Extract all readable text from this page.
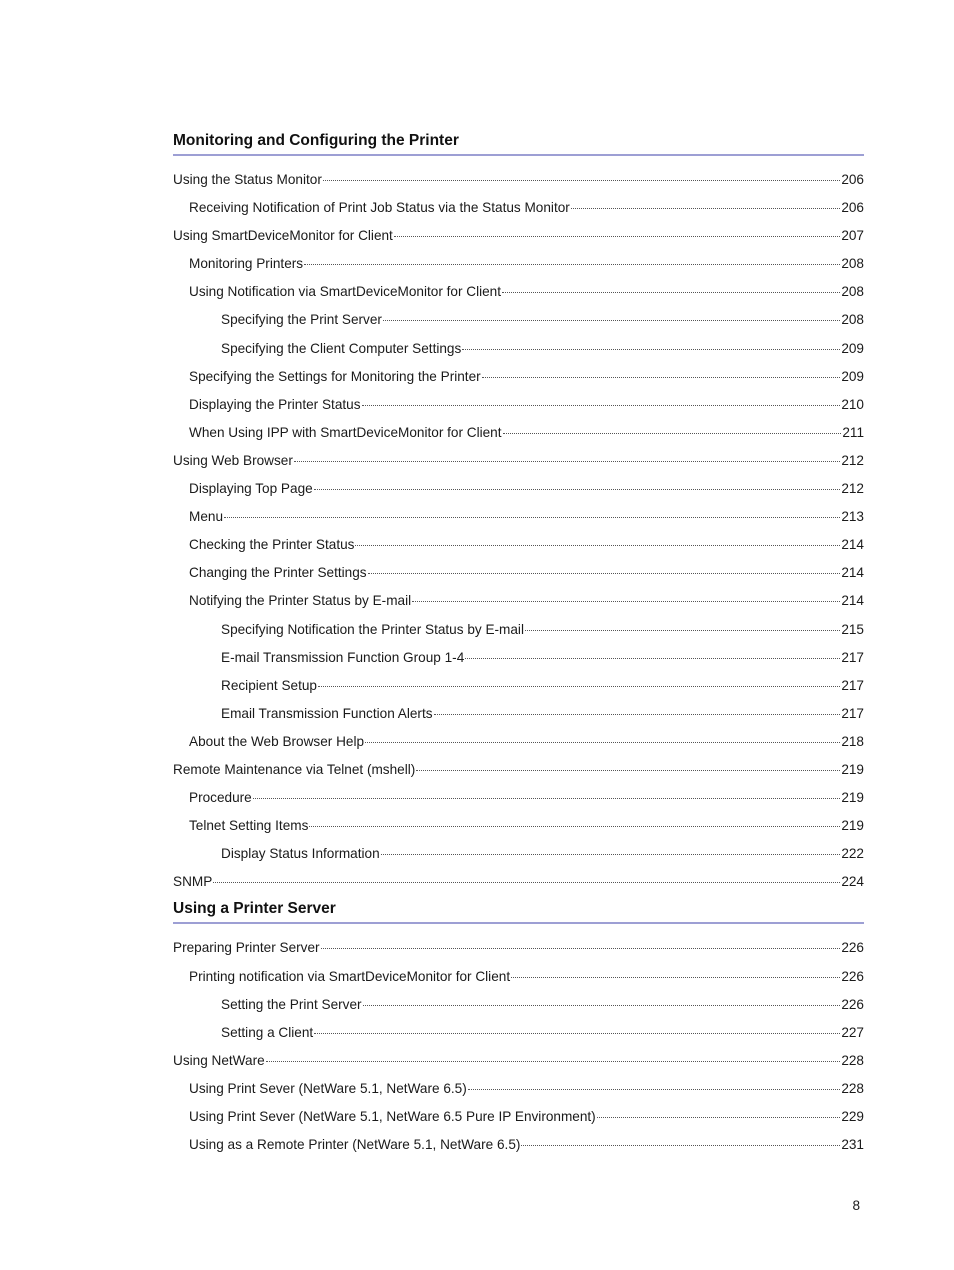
Monitoring and Configuring the Printer
Using the Status Monitor	206
Receiving Notification of Print Job Status via the Status Monitor	206
Using SmartDeviceMonitor for Client	207
Monitoring Printers	208
Using Notification via SmartDeviceMonitor for Client	208
Specifying the Print Server	208
Specifying the Client Computer Settings	209
Specifying the Settings for Monitoring the Printer	209
Displaying the Printer Status	210
When Using IPP with SmartDeviceMonitor for Client	211
Using Web Browser	212
Displaying Top Page	212
Menu	213
Checking the Printer Status	214
Changing the Printer Settings	214
Notifying the Printer Status by E-mail	214
Specifying Notification the Printer Status by E-mail	215
E-mail Transmission Function Group 1-4	217
Recipient Setup	217
Email Transmission Function Alerts	217
About the Web Browser Help	218
Remote Maintenance via Telnet (mshell)	219
Procedure	219
Telnet Setting Items	219
Display Status Information	222
SNMP	224
Using a Printer Server
Preparing Printer Server	226
Printing notification via SmartDeviceMonitor for Client	226
Setting the Print Server	226
Setting a Client	227
Using NetWare	228
Using Print Sever (NetWare 5.1, NetWare 6.5)	228
Using Print Sever (NetWare 5.1, NetWare 6.5 Pure IP Environment)	229
Using as a Remote Printer (NetWare 5.1, NetWare 6.5)	231
8
